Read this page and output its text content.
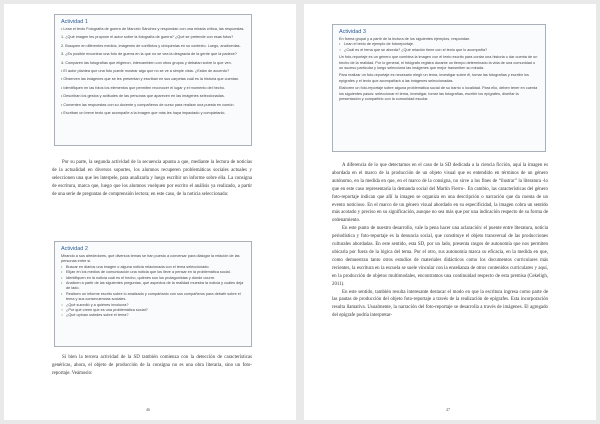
Actividad 1
• Lean el texto Fotografía de guerra de Marcelo Sánchez y respondan con una mirada crítica, las respuestas.
1. ¿Qué imagen les propone el autor sobre la fotografía de guerra? ¿Qué se pretende con esas fotos?
2. Busquen en diferentes medios, imágenes de conflictos y ubíquenlas en su contexto. Luego, analícenlas.
3. ¿Es posible encontrar una foto de guerra en la que no se vea la desgracia de la gente que la padece?
4. Comparen las fotografías que eligieron, intercambien con otros grupos y debatan sobre lo que ven.
• El autor plantea que una foto puede mostrar algo que no se ve a simple vista. ¿Están de acuerdo?
• Observen las imágenes que se les presentan y escriban en sus carpetas cuál es la historia que cuentan.
• Identifiquen en las fotos los elementos que permiten reconocer el lugar y el momento del hecho.
• Describan los gestos y actitudes de las personas que aparecen en las imágenes seleccionadas.
• Comenten las respuestas con su docente y compañeros de curso para realizar una puesta en común.
• Escriban un breve texto que acompañe a la imagen que más les haya impactado y compártanlo.

Por su parte, la segunda actividad de la secuencia apunta a que, mediante la lectura de noticias de la actualidad en diversos soportes, los alumnos recuperen problemáticas sociales actuales y seleccionen una que les interpele, para analizarla y luego escribir un informe sobre ella. La consigna de escritura, marca que, luego que los alumnos vuelquen por escrito el análisis ya realizado, a partir de una serie de preguntas de comprensión lectora; en este caso, de la noticia seleccionada:

Actividad 2
Mirando a sus alrededores, qué diversos temas se han puesto a conversar para dialogar la relación de las personas entre sí.
• Buscar en diarios una imagen o alguna noticia relacionada con el tema seleccionado.
• Elijan en los medios de comunicación una noticia que los lleve a pensar en la problemática social.
• Identifiquen en la noticia cuál es el hecho, quiénes son los protagonistas y dónde ocurre.
• Analicen a partir de las siguientes preguntas, qué aspectos de la realidad muestra la noticia y cuáles deja de lado.
• Realicen un informe escrito sobre lo analizado y compártanlo con sus compañeros para debatir sobre el tema y sus consecuencias sociales.
○ ¿Qué sucedió y a quiénes involucra?
○ ¿Por qué creen que es una problemática social?
○ ¿Qué opinan ustedes sobre el tema?

Si bien la tercera actividad de la SD también comienza con la detección de características genéricas, ahora, el objeto de producción de la consigna no es una obra literaria, sino un foto-reportaje. Veámoslo:

46
Actividad 3
En forma grupal y a partir de la lectura de los siguientes ejemplos, respondan.
• Lean el texto de ejemplo de fotoreportaje.
○ ¿Cuál es el tema que se aborda? ¿Qué relación tiene con el texto que lo acompaña?

Un foto-reportaje es un género que combina la imagen con el texto escrito para contar una historia o dar cuenta de un hecho de la realidad. Por lo general, el fotógrafo registra durante un tiempo determinado la vida de una comunidad o un suceso particular y luego selecciona las imágenes que mejor transmiten su mirada.

Para realizar un foto-reportaje es necesario elegir un tema, investigar sobre él, tomar las fotografías y escribir los epígrafes y el texto que acompañará a las imágenes seleccionadas.

Elaboren un foto-reportaje sobre alguna problemática social de su barrio o localidad. Para ello, deben tener en cuenta los siguientes pasos: seleccionar el tema, investigar, tomar las fotografías, escribir los epígrafes, diseñar la presentación y compartirlo con la comunidad escolar.

A diferencia de lo que detectamos en el caso de la SD dedicada a la ciencia ficción, aquí la imagen es abordada en el marco de la producción de un objeto visual que es entendido en términos de un género autónomo, en la medida en que, en el marco de la consigna, no sirve a los fines de “ilustrar” la literatura -lo que en este caso representaría la demanda social del Martín Fierro-. En cambio, las características del género foto-reportaje indican que allí la imagen se organiza en una descripción o narración que da cuenta de un evento noticioso. En el marco de un género visual abordado en su especificidad, la imagen cobra un sentido más acotado y preciso en su significación, aunque no sea más que por una indicación respecto de su forma de ordenamiento.

En este punto de nuestro desarrollo, vale la pena hacer una aclaración: el puente entre literatura, noticia periodística y foto-reportaje es la denuncia social, que constituye el objeto transversal de las producciones culturales abordadas. En este sentido, esta SD, por un lado, presenta rasgos de autonomía que nos permiten ubicarla por fuera de la lógica del tema. Por el otro, sus autonomía marca su eficacia, en la medida en que, como demuestran tanto otros estudios de materiales didácticos como los documentos curriculares más recientes, la escritura en la escuela se suele vincular con la enseñanza de otros contenidos curriculares y aquí, en la producción de objetos multimodales, encontramos una continuidad respecto de esta premisa (Cekeligh, 2011).

En este sentido, también resulta interesante destacar el modo en que la escritura ingresa como parte de las pautas de producción del objeto foto-reportaje a través de la realización de epígrafes. Esta incorporación resulta llamativa. Usualmente, la narración del foto-reportaje se desarrolla a través de imágenes. El agregado del epígrafe podría interpretar-

47
